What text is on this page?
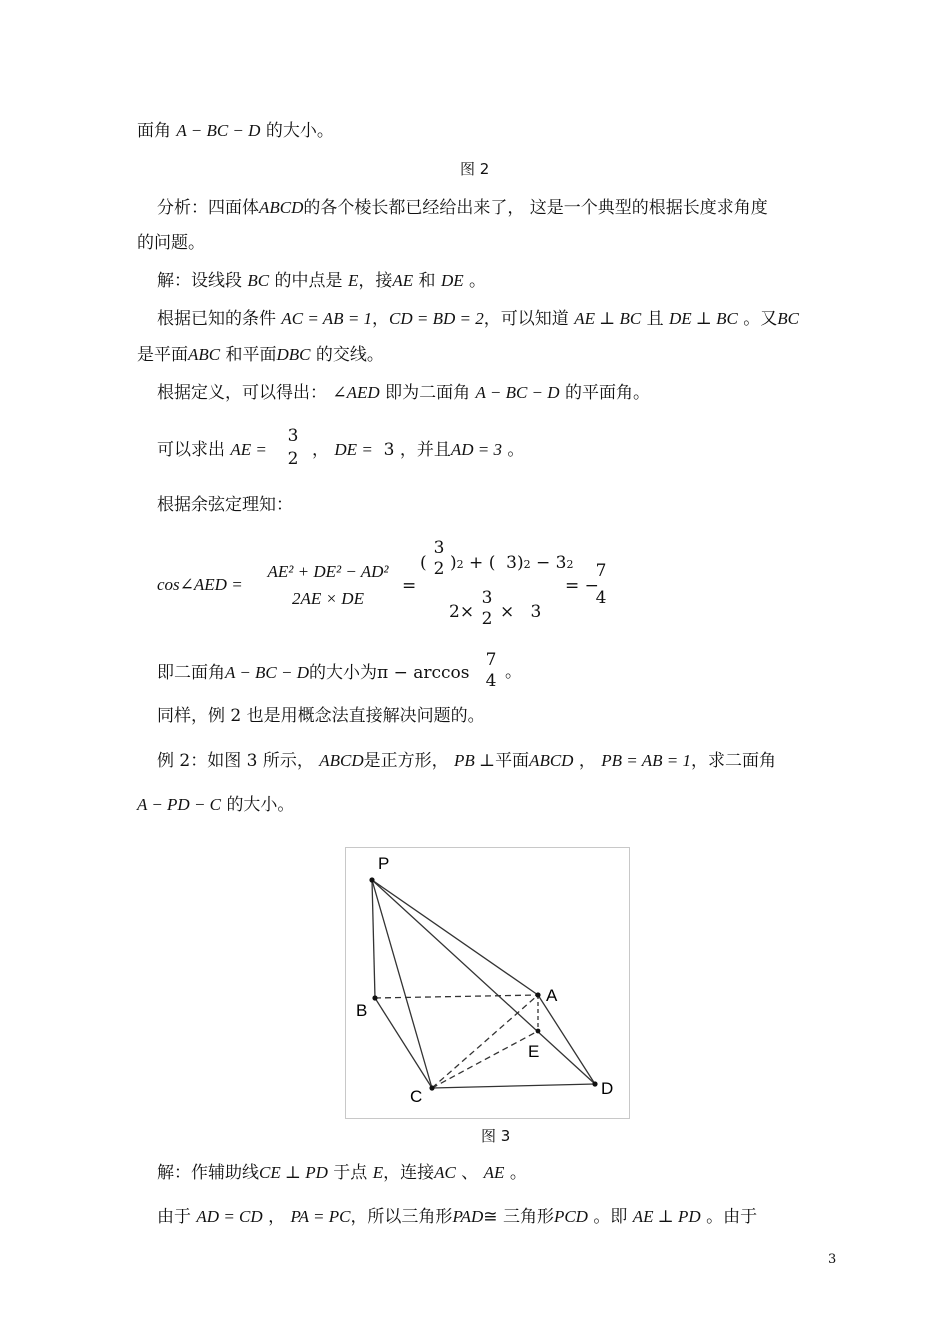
面角 A − BC − D 的大小。
图 2
分析：四面体ABCD的各个棱长都已经给出来了， 这是一个典型的根据长度求角度
的问题。
解：设线段 BC 的中点是 E，接AE 和 DE 。
根据已知的条件 AC = AB = 1，CD = BD = 2，可以知道 AE ⊥ BC 且 DE ⊥ BC 。又BC
是平面ABC 和平面DBC 的交线。
根据定义，可以得出： ∠AED 即为二面角 A − BC − D 的平面角。
可以求出 AE =
3
2 ， DE = 3 ，并且AD = 3 。
根据余弦定理知：
cos∠AED =
AE² + DE² − AD²
2AE × DE
=
(
3
2 )2 + ( 3)2 − 32
2×
3
2 × 3
= −
7
4
即二面角A − BC − D的大小为π − arccos
7
4 。
同样，例 2 也是用概念法直接解决问题的。
例 2：如图 3 所示， ABCD是正方形， PB ⊥平面ABCD ， PB = AB = 1，求二面角
A − PD − C 的大小。
P
A
B
C	D
E
图 3
解：作辅助线CE ⊥ PD 于点 E，连接AC 、 AE 。
由于 AD = CD ， PA = PC，所以三角形PAD≅ 三角形PCD 。即 AE ⊥ PD 。由于
3
